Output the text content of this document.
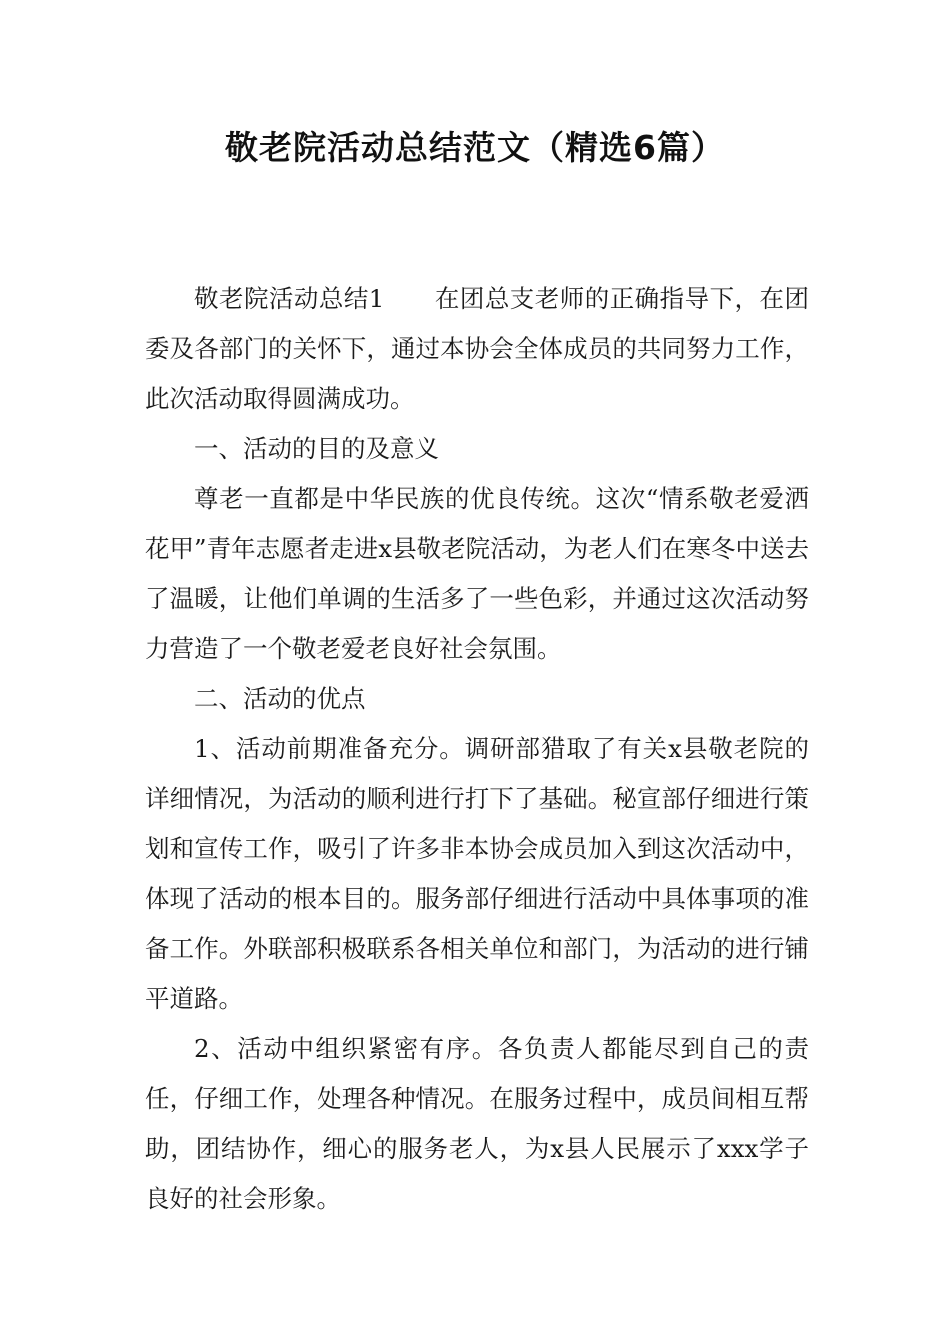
敬老院活动总结范文（精选6篇）

敬老院活动总结1 在团总支老师的正确指导下，在团委及各部门的关怀下，通过本协会全体成员的共同努力工作，此次活动取得圆满成功。

一、活动的目的及意义

尊老一直都是中华民族的优良传统。这次“情系敬老爱洒花甲”青年志愿者走进x县敬老院活动，为老人们在寒冬中送去了温暖，让他们单调的生活多了一些色彩，并通过这次活动努力营造了一个敬老爱老良好社会氛围。

二、活动的优点

1、活动前期准备充分。调研部猎取了有关x县敬老院的详细情况，为活动的顺利进行打下了基础。秘宣部仔细进行策划和宣传工作，吸引了许多非本协会成员加入到这次活动中，体现了活动的根本目的。服务部仔细进行活动中具体事项的准备工作。外联部积极联系各相关单位和部门，为活动的进行铺平道路。

2、活动中组织紧密有序。各负责人都能尽到自己的责任，仔细工作，处理各种情况。在服务过程中，成员间相互帮助，团结协作，细心的服务老人，为x县人民展示了xxx学子良好的社会形象。
